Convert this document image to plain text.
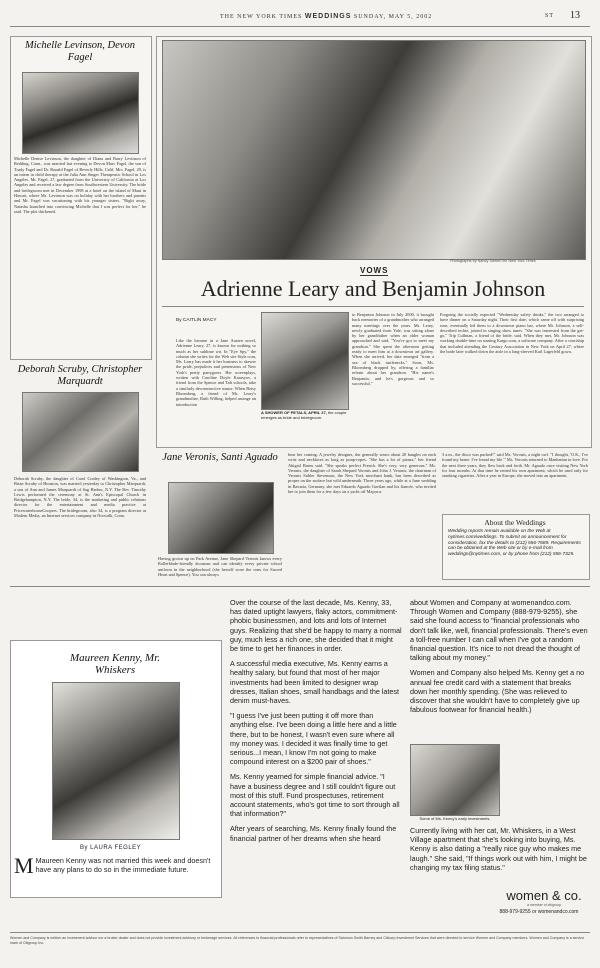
THE NEW YORK TIMES WEDDINGS SUNDAY, MAY 5, 2002	ST 13
Michelle Levinson, Devon Fagel
Michelle Denise Levinson, the daughter of Diana and Barry Levinson of Redding, Conn., was married last evening to Devon Marc Fagel, the son of Trudy Fagel and Dr. Ronald Fagel of Beverly Hills, Calif. Mrs. Fagel, 29, is an intern in child therapy at the Julia Ann Singer Therapeutic School in Los Angeles. Mr. Fagel, 27, graduated from the University of California at Los Angeles and received a law degree from Southwestern University. The bride and bridegroom met in December 1998 at a hotel on the island of Maui in Hawaii, where Ms. Levinson was on holiday with her brothers and parents and Mr. Fagel was vacationing with his younger sisters. "Right away, Natasha launched into convincing Michelle that I was perfect for her," he said. The plot thickened.
Deborah Scruby, Christopher Marquardt
Deborah Scruby, the daughter of Carol Conley of Washington, Va., and Brian Scruby of Houston, was married yesterday to Christopher Marquardt, a son of Ann and James Marquardt of Sag Harbor, N.Y. The Rev. Timothy Lewis performed the ceremony at St. Ann's Episcopal Church in Bridgehampton, N.Y. The bride, 34, is the marketing and public relations director for the entertainment and media practice at PricewaterhouseCoopers. The bridegroom, also 34, is a program director at Modem Media, an Internet services company in Norwalk, Conn.
Photographs by Nancy Siesel/The New York Times
VOWS
Adrienne Leary and Benjamin Johnson
By CAITLIN MACY
Like the heroine in a Jane Austen novel, Adrienne Leary, 27, is known for nothing so much as her sublime wit. In "Eye Spy," the column she writes for the Web site Style.com, Ms. Leary has made it her business to skewer the pride, prejudices and pretensions of New York's pretty partygoers. Her screenplays, written with Caroline Doyle Karasyov, a friend from the Spence and Taft schools, take a similarly deconstructive stance. When Betsy Bloomberg, a friend of Ms. Leary's grandmother, Ruth Willing, helped arrange an introduction
A SHOWER OF PETALS, APRIL 27, the couple emerges as bride and bridegroom.
to Benjamin Johnson in July 2000, it brought back memories of a grandmother who arranged many meetings over the years. Ms. Leary, newly graduated from Yale, was sitting alone by her grandfather when an older woman approached and said, "You've got to meet my grandson." She spent the afternoon getting ready to meet him at a downtown art gallery. When she arrived, her date emerged "from a sea of black turtlenecks." Soon, Ms. Bloomberg dropped by, offering a familiar refrain about her grandson. "His name's Benjamin, and he's gorgeous and so successful."
Forgoing the socially expected "Wednesday safety drinks," the two arranged to have dinner on a Saturday night. Their first date, which came off with surprising ease, eventually led them to a downtown piano bar, where Mr. Johnson, a self-described techie, joined in singing show tunes. "She was interested from the get-go," Trip Cullman, a friend of the bride, said. When they met, Mr. Johnson was working double-time on starting Kargo.com, a software company. After a courtship that included attending the Century Association in New York on April 27, where the bride later walked down the aisle in a long-sleeved Karl Lagerfeld gown.
Jane Veronis, Santi Aguado
Having grown up on Park Avenue, Jane Shepard Veronis knows every Rollerblade-friendly doorman and can identify every private school uniform in the neighborhood (she herself wore the ones for Sacred Heart and Spence). You can always
hear her coming. A jewelry designer, she generally wears about 20 bangles on each wrist and necklaces as long as jump-ropes. "She has a lot of pizazz," her friend Abigail Burns said. "She speaks perfect French. She's very, very generous." Ms. Veronis, the daughter of Sarah Shepard Veronis and John J. Veronis, the chairman of Veronis Suhler Stevenson, the New York merchant bank, has been described as proper on the surface but wild underneath. Three years ago, while at a June wedding in Bavaria, Germany, she met Eduardo Aguado Gavilan and his fiancée, who invited her to join them for a few days on a yacht off Majorca.
3 a.m., the disco was packed!" said Ms. Veronis, a night owl. "I thought, 'O.K., I've found my home. I've found my life.'" Ms. Veronis returned to Manhattan in love. For the next three years, they flew back and forth. Mr. Aguado once visiting New York for four months. At that time he rented his own apartment, which he used only for smoking cigarettes. After a year in Europe, she moved into an apartment.
About the Weddings
Wedding reports remain available on the Web at nytimes.com/weddings. To submit an announcement for consideration, fax the details to (212) 556-7689. Requirements can be obtained at the Web site or by e-mail from weddings@nytimes.com, or by phone from (212) 556-7325.
Maureen Kenny, Mr. Whiskers
By LAURA FEGLEY
M Maureen Kenny was not married this week and doesn't have any plans to do so in the immediate future.

Over the course of the last decade, Ms. Kenny, 33, has dated uptight lawyers, flaky actors, commitment-phobic businessmen, and lots and lots of Internet guys. Realizing that she'd be happy to marry a normal guy, much less a rich one, she decided that it might be time to get her finances in order.

A successful media executive, Ms. Kenny earns a healthy salary, but found that most of her major investments had been limited to designer wrap dresses, Italian shoes, small handbags and the latest denim must-haves.

"I guess I've just been putting it off more than anything else. I've been doing a little here and a little there, but to be honest, I wasn't even sure where all my money was. I decided it was finally time to get serious...I mean, I know I'm not going to make compound interest on a $200 pair of shoes."

Ms. Kenny yearned for simple financial advice. "I have a business degree and I still couldn't figure out most of this stuff. Fund prospectuses, retirement account statements, who's got time to sort through all that information?"

After years of searching, Ms. Kenny finally found the financial partner of her dreams when she heard

about Women and Company at womenandco.com. Through Women and Company (888-979-9255), she said she found access to "financial professionals who don't talk like, well, financial professionals. There's even a toll-free number I can call when I've got a random financial question. It's nice to not dread the thought of talking about my money."

Women and Company also helped Ms. Kenny get a no annual fee credit card with a statement that breaks down her monthly spending. (She was relieved to discover that she wouldn't have to completely give up fabulous footwear for financial health.)

Some of Ms. Kenny's early investments.
Currently living with her cat, Mr. Whiskers, in a West Village apartment that she's looking into buying, Ms. Kenny is also dating a "really nice guy who makes me laugh." She said, "If things work out with him, I might be changing my tax filing status."
women & co.
a member of citigroup
888-979-9255 or womenandco.com
Women and Company is neither an investment advisor nor a broker dealer and does not provide investment advisory or brokerage services. All references to financial professionals refer to representatives of Salomon Smith Barney and Citicorp Investment Services that were directed to service Women and Company members. Women and Company is a service mark of Citigroup Inc.
